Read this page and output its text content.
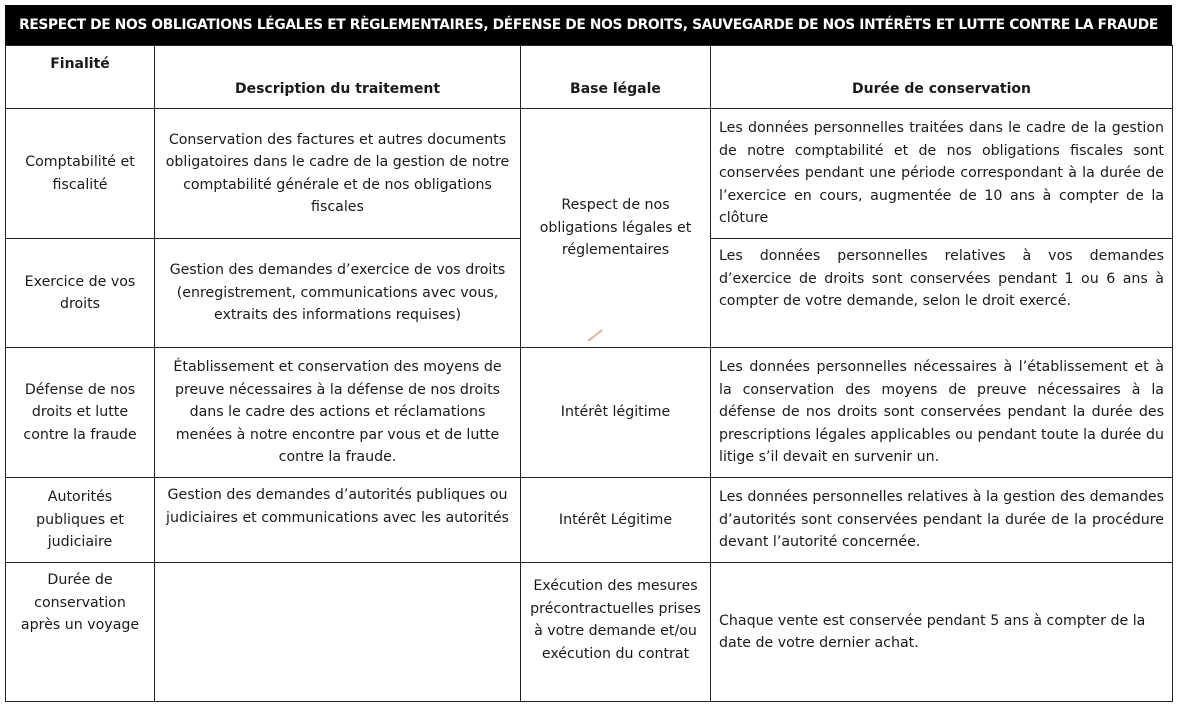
RESPECT DE NOS OBLIGATIONS LÉGALES ET RÈGLEMENTAIRES, DÉFENSE DE NOS DROITS, SAUVEGARDE DE NOS INTÉRÊTS ET LUTTE CONTRE LA FRAUDE
Finalité	Description du traitement	Base légale	Durée de conservation
Comptabilité et fiscalité	Conservation des factures et autres documents obligatoires dans le cadre de la gestion de notre comptabilité générale et de nos obligations fiscales	Respect de nos obligations légales et réglementaires	Les données personnelles traitées dans le cadre de la gestion de notre comptabilité et de nos obligations fiscales sont conservées pendant une période correspondant à la durée de l’exercice en cours, augmentée de 10 ans à compter de la clôture
Exercice de vos droits	Gestion des demandes d’exercice de vos droits (enregistrement, communications avec vous, extraits des informations requises)		Les données personnelles relatives à vos demandes d’exercice de droits sont conservées pendant 1 ou 6 ans à compter de votre demande, selon le droit exercé.
Défense de nos droits et lutte contre la fraude	Établissement et conservation des moyens de preuve nécessaires à la défense de nos droits dans le cadre des actions et réclamations menées à notre encontre par vous et de lutte contre la fraude.	Intérêt légitime	Les données personnelles nécessaires à l’établissement et à la conservation des moyens de preuve nécessaires à la défense de nos droits sont conservées pendant la durée des prescriptions légales applicables ou pendant toute la durée du litige s’il devait en survenir un.
Autorités publiques et judiciaire	Gestion des demandes d’autorités publiques ou judiciaires et communications avec les autorités	Intérêt Légitime	Les données personnelles relatives à la gestion des demandes d’autorités sont conservées pendant la durée de la procédure devant l’autorité concernée.
Durée de conservation après un voyage		Exécution des mesures précontractuelles prises à votre demande et/ou exécution du contrat	Chaque vente est conservée pendant 5 ans à compter de la date de votre dernier achat.
